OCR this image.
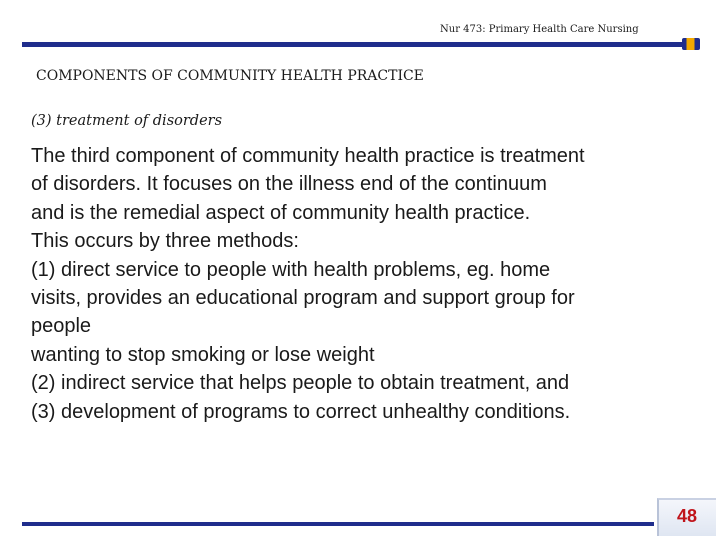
Nur 473: Primary Health Care Nursing
COMPONENTS OF COMMUNITY HEALTH PRACTICE
(3) treatment of disorders
The third component of community health practice is treatment
of disorders. It focuses on the illness end of the continuum
and is the remedial aspect of community health practice.
This occurs by three methods:
(1) direct service to people with health problems, eg. home
visits, provides an educational program and support group for
people
wanting to stop smoking or lose weight
(2) indirect service that helps people to obtain treatment, and
(3) development of programs to correct unhealthy conditions.
48
